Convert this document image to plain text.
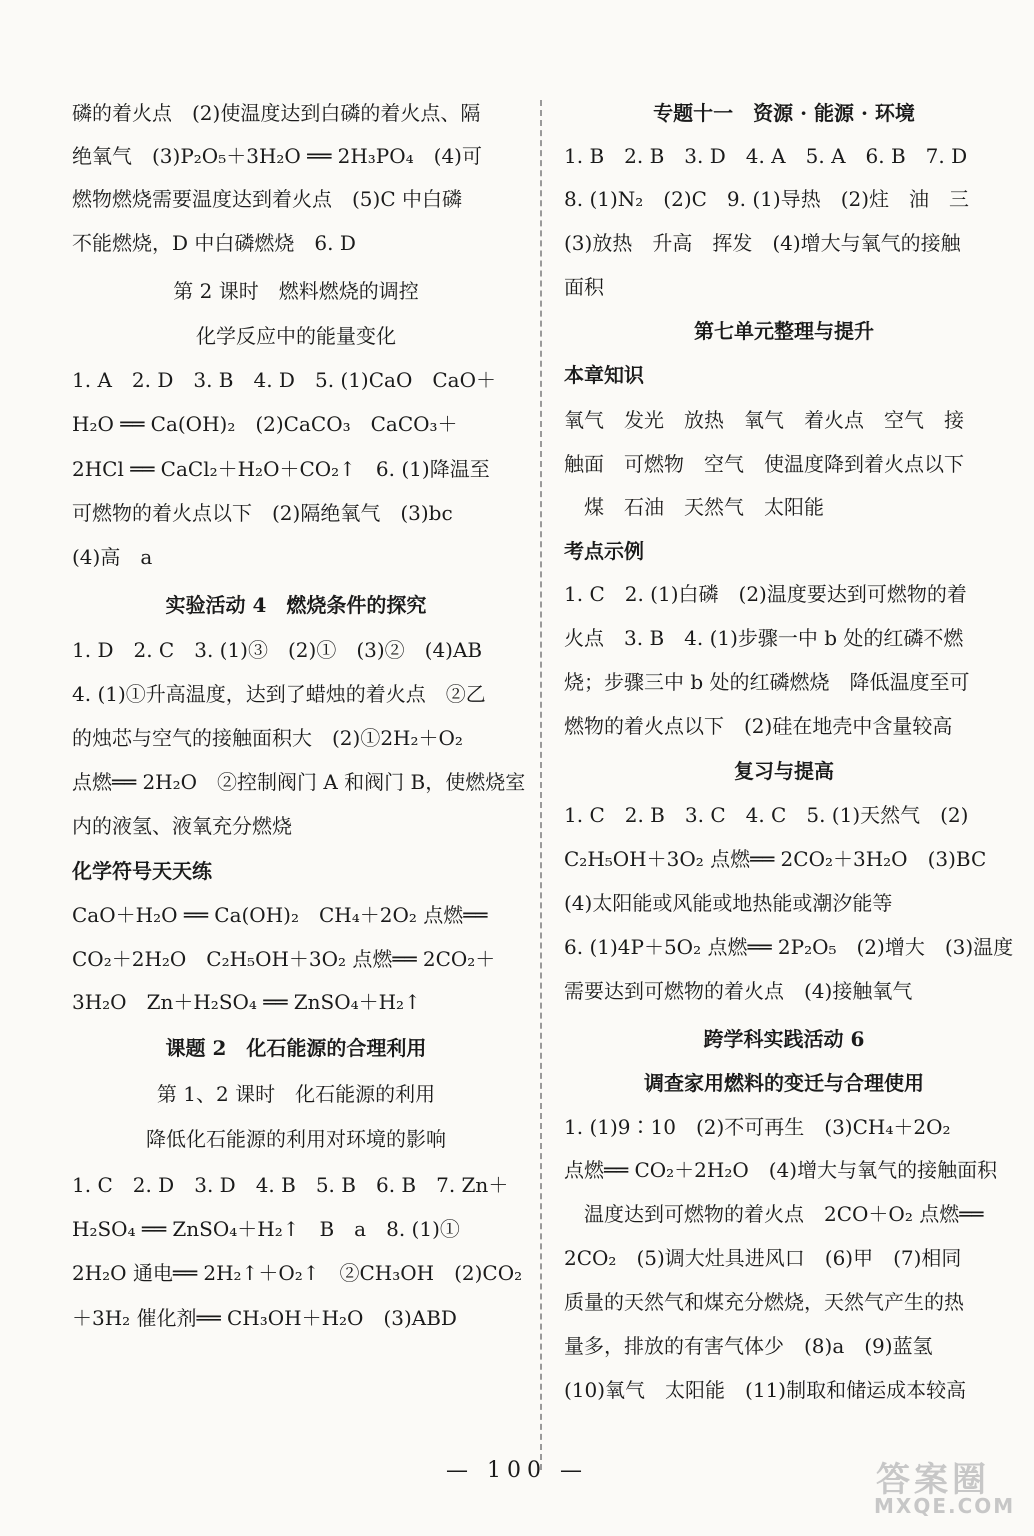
磷的着火点　(2)使温度达到白磷的着火点、隔
绝氧气　(3)P₂O₅＋3H₂O ══ 2H₃PO₄　(4)可
燃物燃烧需要温度达到着火点　(5)C 中白磷
不能燃烧，D 中白磷燃烧　6. D
第 2 课时　燃料燃烧的调控
化学反应中的能量变化
1. A　2. D　3. B　4. D　5. (1)CaO　CaO＋
H₂O ══ Ca(OH)₂　(2)CaCO₃　CaCO₃＋
2HCl ══ CaCl₂＋H₂O＋CO₂↑　6. (1)降温至
可燃物的着火点以下　(2)隔绝氧气　(3)bc
(4)高　a
实验活动 4　燃烧条件的探究
1. D　2. C　3. (1)③　(2)①　(3)②　(4)AB
4. (1)①升高温度，达到了蜡烛的着火点　②乙
的烛芯与空气的接触面积大　(2)①2H₂＋O₂
点燃══ 2H₂O　②控制阀门 A 和阀门 B，使燃烧室
内的液氢、液氧充分燃烧
化学符号天天练
CaO＋H₂O ══ Ca(OH)₂　CH₄＋2O₂ 点燃══
CO₂＋2H₂O　C₂H₅OH＋3O₂ 点燃══ 2CO₂＋
3H₂O　Zn＋H₂SO₄ ══ ZnSO₄＋H₂↑
课题 2　化石能源的合理利用
第 1、2 课时　化石能源的利用
降低化石能源的利用对环境的影响
1. C　2. D　3. D　4. B　5. B　6. B　7. Zn＋
H₂SO₄ ══ ZnSO₄＋H₂↑　B　a　8. (1)①
2H₂O 通电══ 2H₂↑＋O₂↑　②CH₃OH　(2)CO₂
＋3H₂ 催化剂══ CH₃OH＋H₂O　(3)ABD
专题十一　资源 · 能源 · 环境
1. B　2. B　3. D　4. A　5. A　6. B　7. D
8. (1)N₂　(2)C　9. (1)导热　(2)炷　油　三
(3)放热　升高　挥发　(4)增大与氧气的接触
面积
第七单元整理与提升
本章知识
氧气　发光　放热　氧气　着火点　空气　接
触面　可燃物　空气　使温度降到着火点以下
　煤　石油　天然气　太阳能
考点示例
1. C　2. (1)白磷　(2)温度要达到可燃物的着
火点　3. B　4. (1)步骤一中 b 处的红磷不燃
烧；步骤三中 b 处的红磷燃烧　降低温度至可
燃物的着火点以下　(2)硅在地壳中含量较高
复习与提高
1. C　2. B　3. C　4. C　5. (1)天然气　(2)
C₂H₅OH＋3O₂ 点燃══ 2CO₂＋3H₂O　(3)BC
(4)太阳能或风能或地热能或潮汐能等
6. (1)4P＋5O₂ 点燃══ 2P₂O₅　(2)增大　(3)温度
需要达到可燃物的着火点　(4)接触氧气
跨学科实践活动 6
调查家用燃料的变迁与合理使用
1. (1)9∶10　(2)不可再生　(3)CH₄＋2O₂
点燃══ CO₂＋2H₂O　(4)增大与氧气的接触面积
　温度达到可燃物的着火点　2CO＋O₂ 点燃══
2CO₂　(5)调大灶具进风口　(6)甲　(7)相同
质量的天然气和煤充分燃烧，天然气产生的热
量多，排放的有害气体少　(8)a　(9)蓝氢
(10)氧气　太阳能　(11)制取和储运成本较高
— 100 —	答案圈
MXQE.COM
